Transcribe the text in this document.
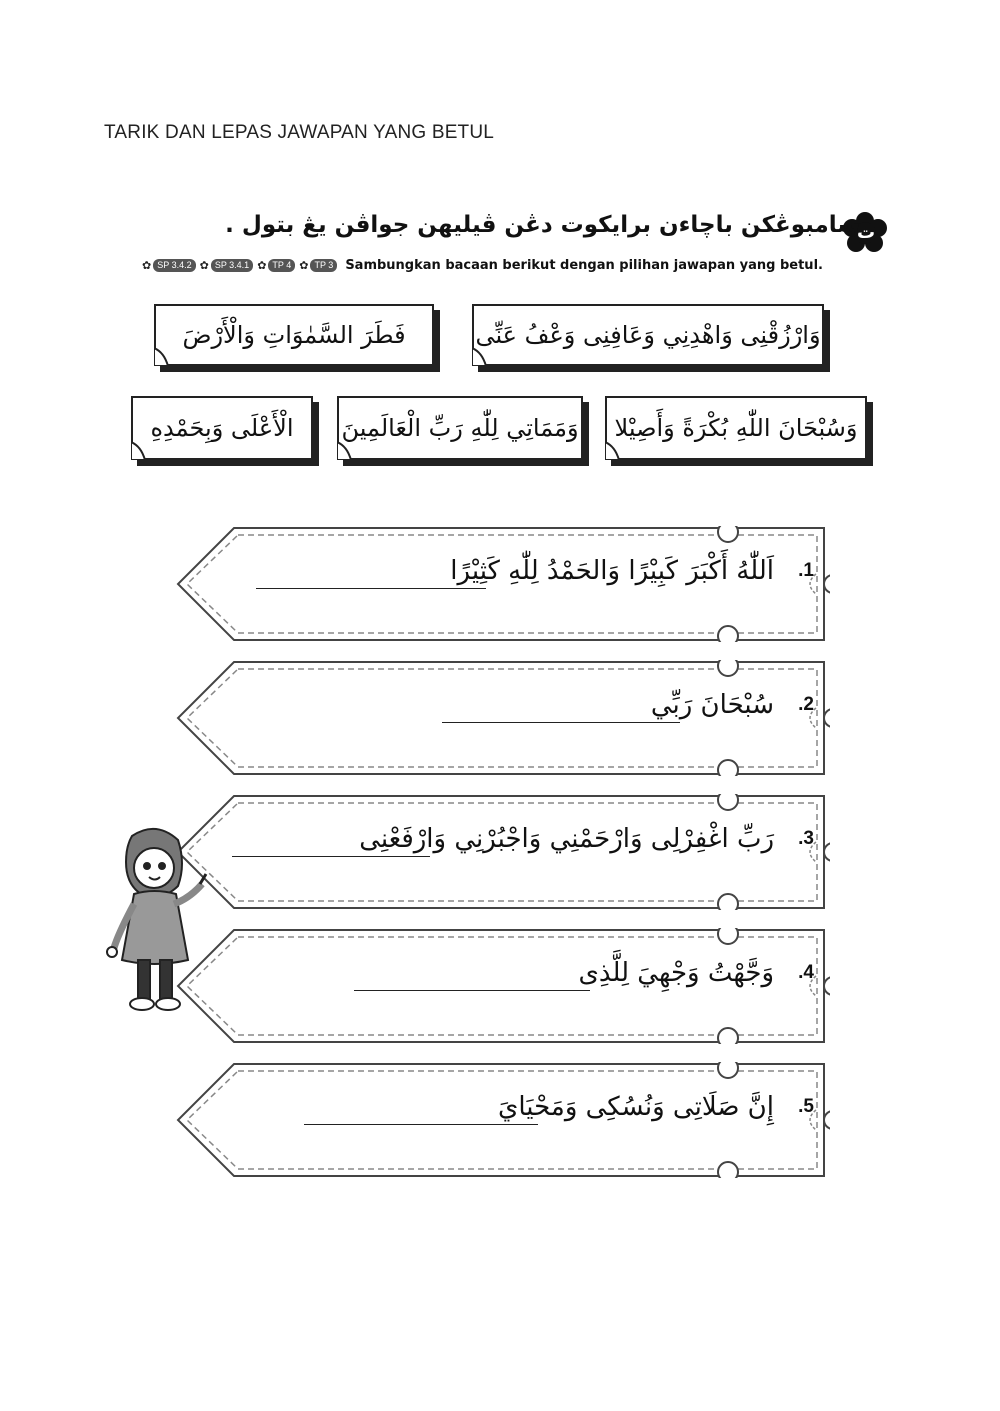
TARIK DAN LEPAS JAWAPAN YANG BETUL
ت
سامبوڠكن باچاءن برايكوت دڠن ڤيليهن جواڤن يڠ بتول .
✿ SP 3.4.2 ✿ SP 3.4.1 ✿ TP 4 ✿ TP 3 Sambungkan bacaan berikut dengan pilihan jawapan yang betul.
وَارْزُقْنِى وَاهْدِنِي وَعَافِنِى وَعْفُ عَنِّى
فَطَرَ السَّمٰوَاتِ وَالْأَرْضَ
وَسُبْحَانَ اللّٰهِ بُكْرَةً وَأَصِيْلا
وَمَمَاتِي لِلّٰهِ رَبِّ الْعَالَمِينَ
الْأَعْلَى وَبِحَمْدِهِ
.1
اَللّٰهُ أَكْبَرَ كَبِيْرًا وَالحَمْدُ لِلّٰهِ كَثِيْرًا
.2
سُبْحَانَ رَبِّي
.3
رَبِّ اغْفِرْلِى وَارْحَمْنِي وَاجْبُرْنِي وَارْفَعْنِى
.4
وَجَّهْتُ وَجْهِيَ لِلَّذِى
.5
إِنَّ صَلَاتِى وَنُسُكِى وَمَحْيَايَ
